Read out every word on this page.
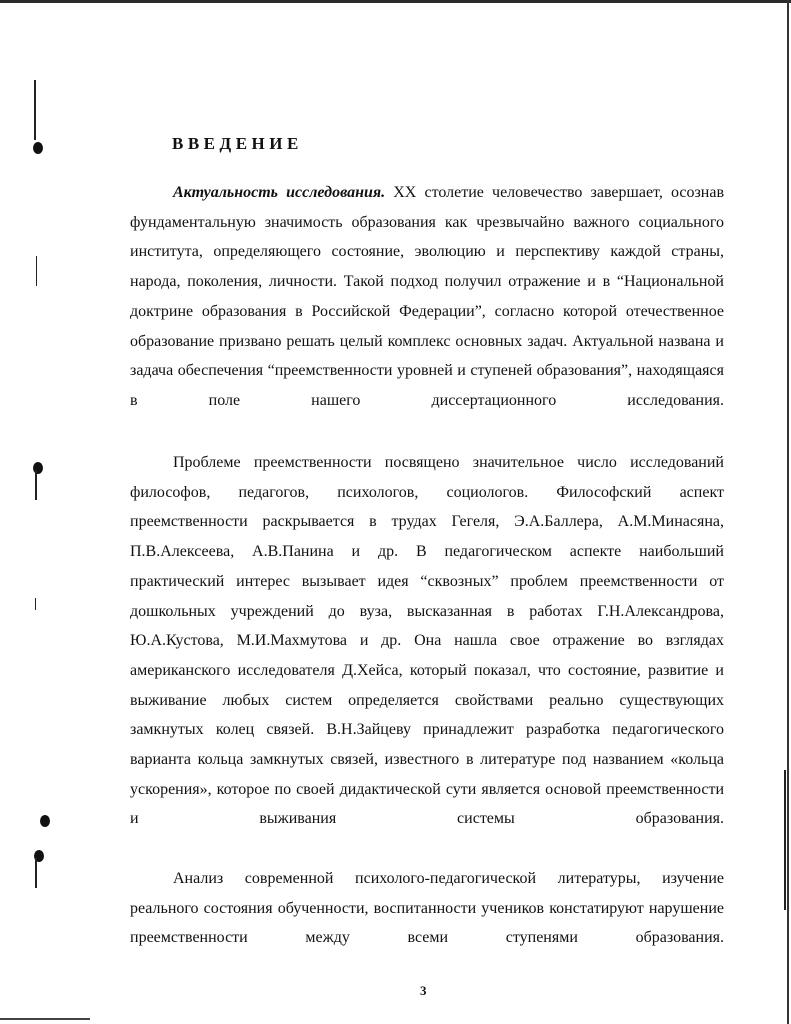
ВВЕДЕНИЕ
Актуальность исследования. XX столетие человечество завершает, осознав фундаментальную значимость образования как чрезвычайно важного социального института, определяющего состояние, эволюцию и перспективу каждой страны, народа, поколения, личности. Такой подход получил отражение и в “Национальной доктрине образования в Российской Федерации”, согласно которой отечественное образование призвано решать целый комплекс основных задач. Актуальной названа и задача обеспечения “преемственности уровней и ступеней образования”, находящаяся в поле нашего диссертационного исследования.
Проблеме преемственности посвящено значительное число исследований философов, педагогов, психологов, социологов. Философский аспект преемственности раскрывается в трудах Гегеля, Э.А.Баллера, А.М.Минасяна, П.В.Алексеева, А.В.Панина и др. В педагогическом аспекте наибольший практический интерес вызывает идея “сквозных” проблем преемственности от дошкольных учреждений до вуза, высказанная в работах Г.Н.Александрова, Ю.А.Кустова, М.И.Махмутова и др. Она нашла свое отражение во взглядах американского исследователя Д.Хейса, который показал, что состояние, развитие и выживание любых систем определяется свойствами реально существующих замкнутых колец связей. В.Н.Зайцеву принадлежит разработка педагогического варианта кольца замкнутых связей, известного в литературе под названием «кольца ускорения», которое по своей дидактической сути является основой преемственности и выживания системы образования.
Анализ современной психолого-педагогической литературы, изучение реального состояния обученности, воспитанности учеников констатируют нарушение преемственности между всеми ступенями образования.
3
